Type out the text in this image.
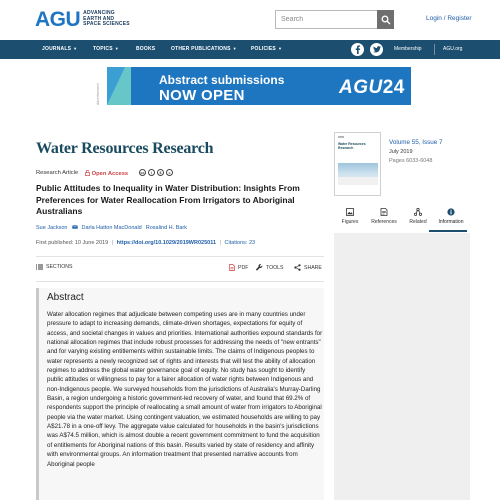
AGU ADVANCING
EARTH AND
SPACE SCIENCES
Search
Login / Register
JOURNALS ▼	TOPICS ▼	BOOKS	OTHER PUBLICATIONS ▼	POLICIES ▼	Membership	AGU.org
Advertisement
Abstract submissions
NOW OPEN	AGU24
Water Resources Research
Research Article	Open Access	cc	i	$	=
Public Attitudes to Inequality in Water Distribution: Insights From Preferences for Water Reallocation From Irrigators to Aboriginal Australians
Sue Jackson	Darla Hatton MacDonald Rosalind H. Bark
First published: 10 June 2019 | https://doi.org/10.1029/2019WR025011 | Citations: 23
SECTIONS	PDF	TOOLS	SHARE
Abstract

Water allocation regimes that adjudicate between competing uses are in many countries under pressure to adapt to increasing demands, climate-driven shortages, expectations for equity of access, and societal changes in values and priorities. International authorities expound standards for national allocation regimes that include robust processes for addressing the needs of "new entrants" and for varying existing entitlements within sustainable limits. The claims of Indigenous peoples to water represents a newly recognized set of rights and interests that will test the ability of allocation regimes to address the global water governance goal of equity. No study has sought to identify public attitudes or willingness to pay for a fairer allocation of water rights between Indigenous and non-Indigenous people. We surveyed households from the jurisdictions of Australia's Murray-Darling Basin, a region undergoing a historic government-led recovery of water, and found that 69.2% of respondents support the principle of reallocating a small amount of water from irrigators to Aboriginal people via the water market. Using contingent valuation, we estimated households are willing to pay A$21.78 in a one-off levy. The aggregate value calculated for households in the basin's jurisdictions was A$74.5 million, which is almost double a recent government commitment to fund the acquisition of entitlements for Aboriginal nations of this basin. Results varied by state of residency and affinity with environmental groups. An information treatment that presented narrative accounts from Aboriginal people

WRR
Water Resources Research
Volume 55, Issue 7
July 2019
Pages 6033-6048
Figures	References	Related	Information
